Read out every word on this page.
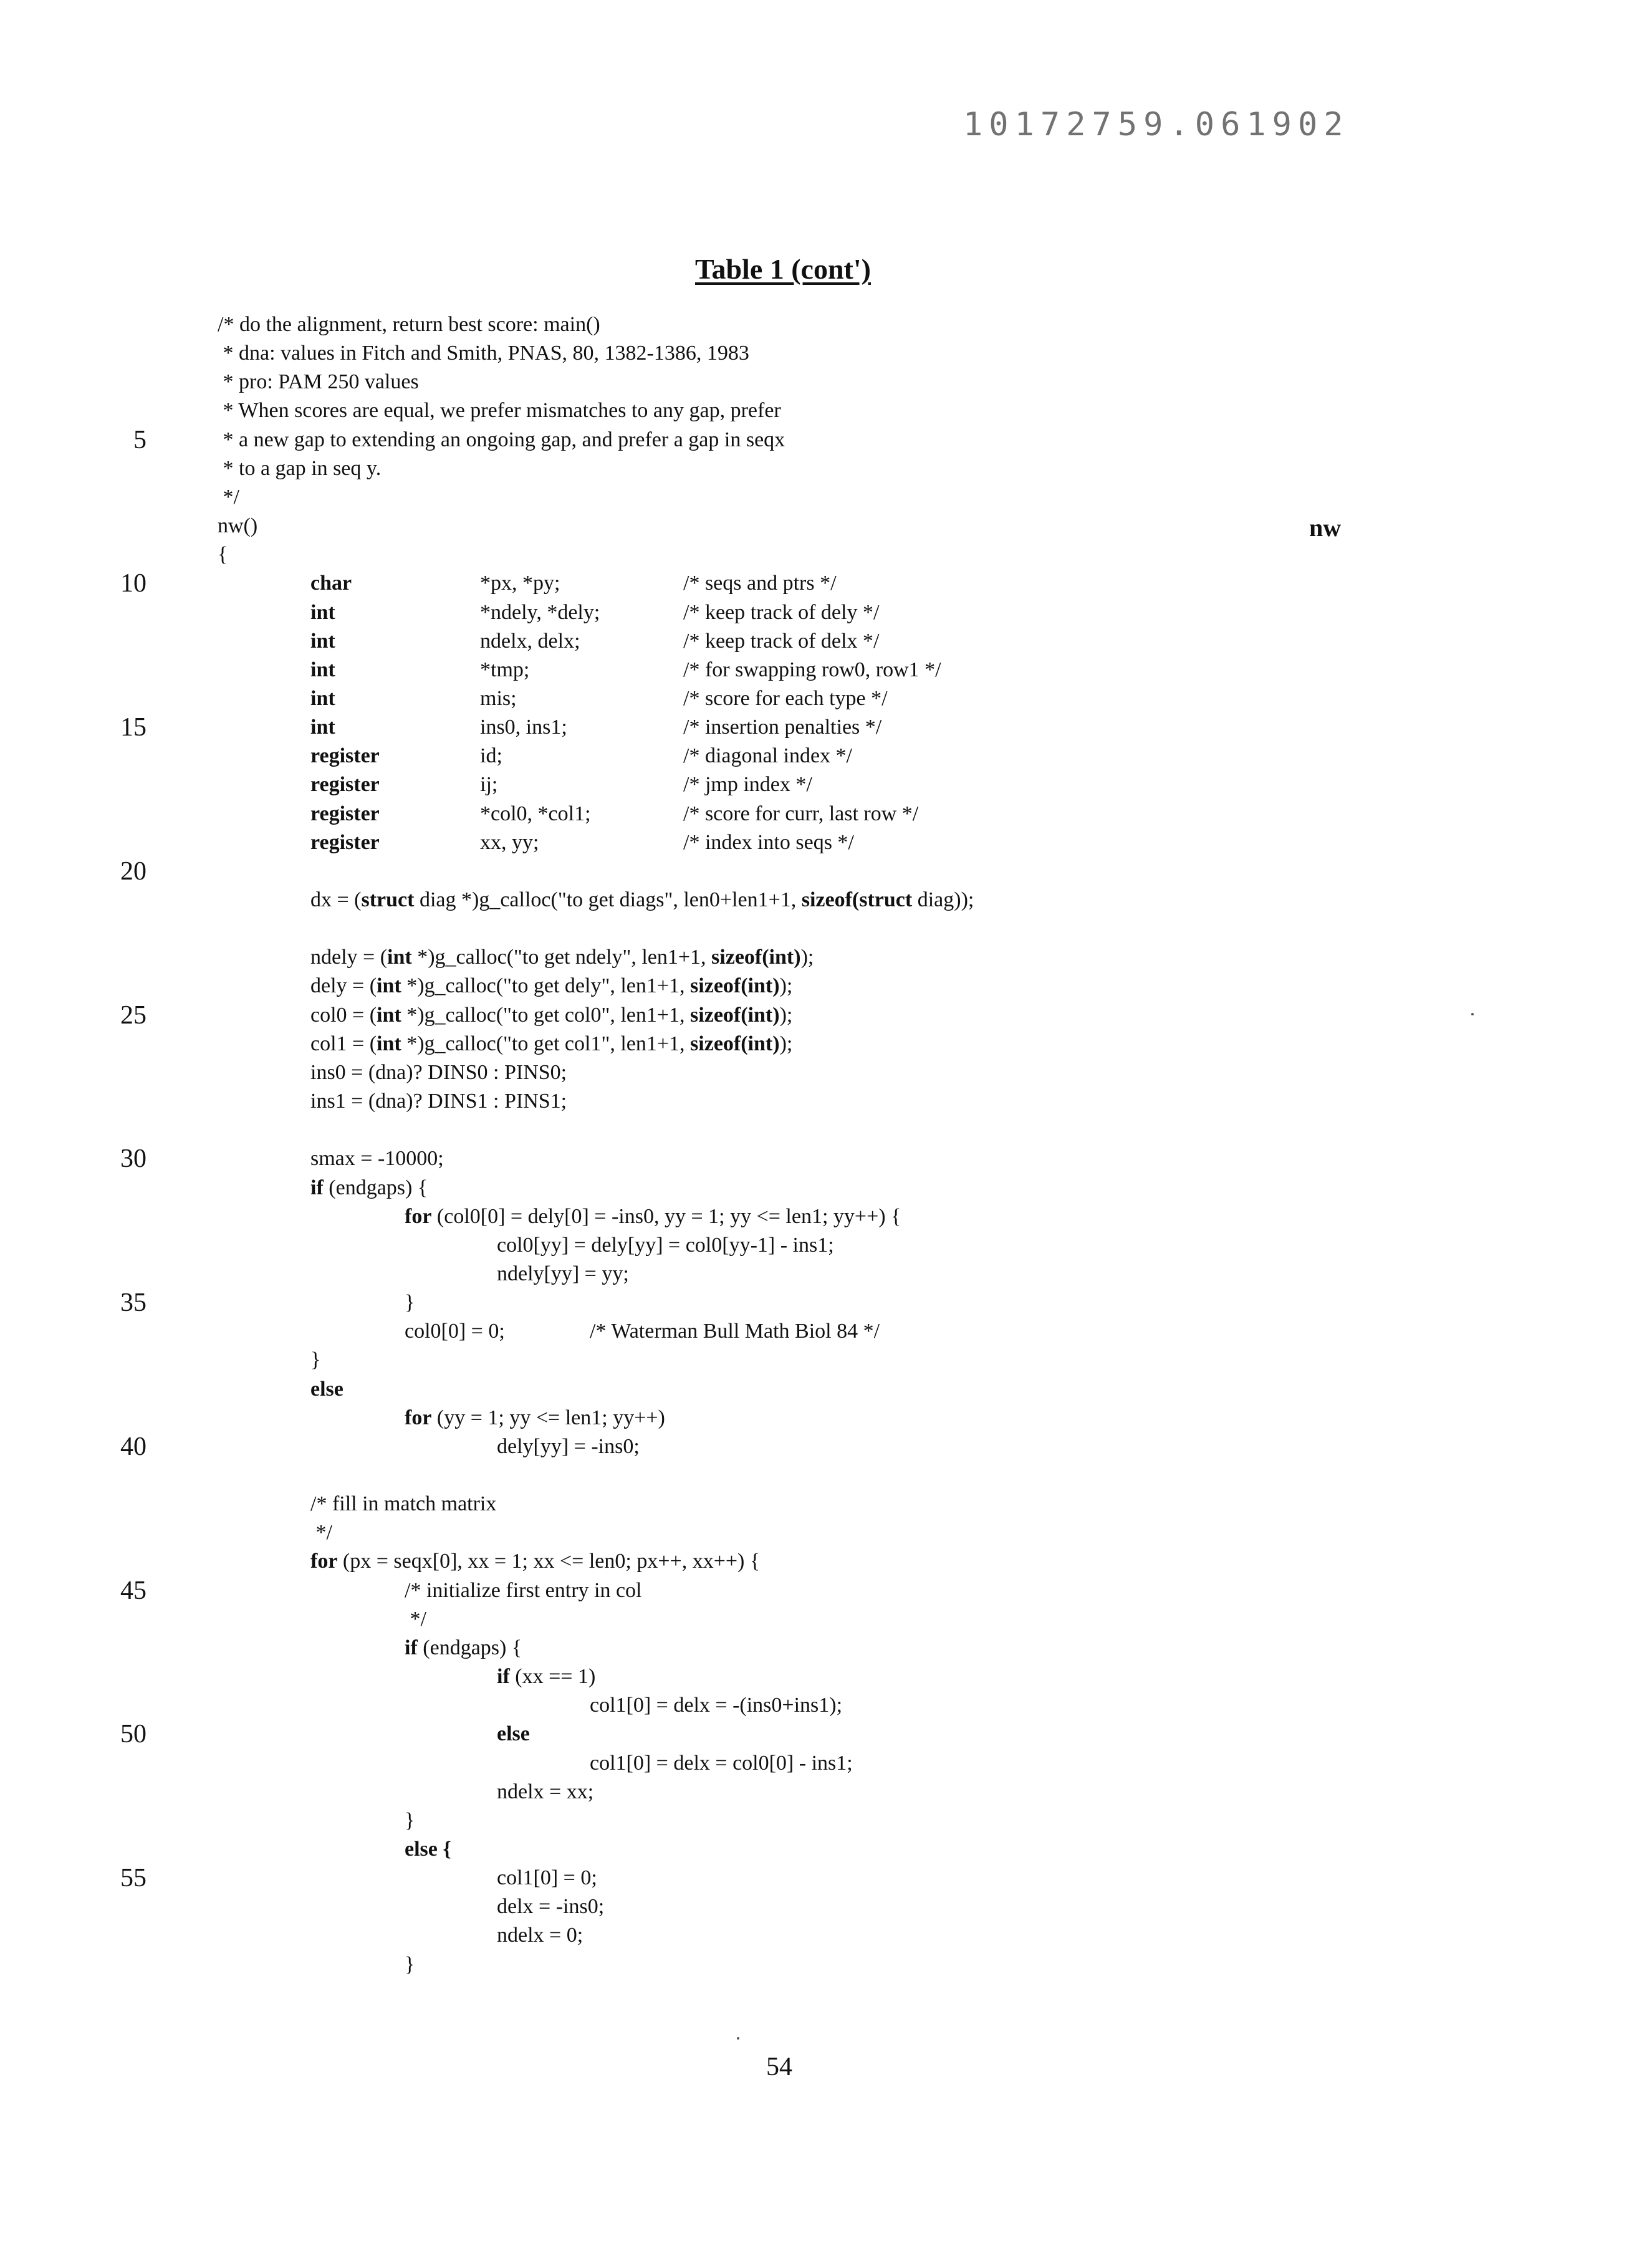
10172759.061902
Table 1 (cont')
nw
/* do the alignment, return best score: main()
* dna: values in Fitch and Smith, PNAS, 80, 1382-1386, 1983
* pro: PAM 250 values
* When scores are equal, we prefer mismatches to any gap, prefer
* a new gap to extending an ongoing gap, and prefer a gap in seqx
* to a gap in seq y.
*/
nw()
{
char	*px, *py;	/* seqs and ptrs */
int	*ndely, *dely;	/* keep track of dely */
int	ndelx, delx;	/* keep track of delx */
int	*tmp;	/* for swapping row0, row1 */
int	mis;	/* score for each type */
int	ins0, ins1;	/* insertion penalties */
register	id;	/* diagonal index */
register	ij;	/* jmp index */
register	*col0, *col1;	/* score for curr, last row */
register	xx, yy;	/* index into seqs */
dx = (struct diag *)g_calloc("to get diags", len0+len1+1, sizeof(struct diag));
ndely = (int *)g_calloc("to get ndely", len1+1, sizeof(int));
dely = (int *)g_calloc("to get dely", len1+1, sizeof(int));
col0 = (int *)g_calloc("to get col0", len1+1, sizeof(int));
col1 = (int *)g_calloc("to get col1", len1+1, sizeof(int));
ins0 = (dna)? DINS0 : PINS0;
ins1 = (dna)? DINS1 : PINS1;
smax = -10000;
if (endgaps) {
for (col0[0] = dely[0] = -ins0, yy = 1; yy <= len1; yy++) {
col0[yy] = dely[yy] = col0[yy-1] - ins1;
ndely[yy] = yy;
}
col0[0] = 0;	/* Waterman Bull Math Biol 84 */
}
else
for (yy = 1; yy <= len1; yy++)
dely[yy] = -ins0;
/* fill in match matrix
*/
for (px = seqx[0], xx = 1; xx <= len0; px++, xx++) {
/* initialize first entry in col
*/
if (endgaps) {
if (xx == 1)
col1[0] = delx = -(ins0+ins1);
else
col1[0] = delx = col0[0] - ins1;
ndelx = xx;
}
else {
col1[0] = 0;
delx = -ins0;
ndelx = 0;
}
5
10
15
20
25
30
35
40
45
50
55
54
